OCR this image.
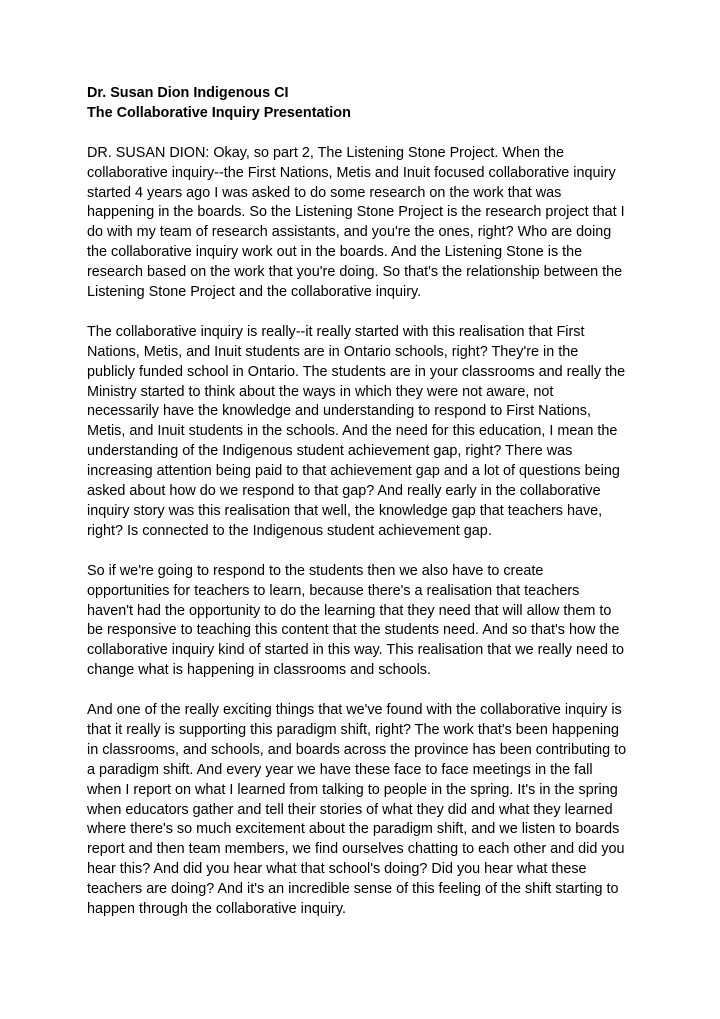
Dr. Susan Dion Indigenous CI
The Collaborative Inquiry Presentation
DR. SUSAN DION: Okay, so part 2, The Listening Stone Project. When the
collaborative inquiry--the First Nations, Metis and Inuit focused collaborative inquiry
started 4 years ago I was asked to do some research on the work that was
happening in the boards. So the Listening Stone Project is the research project that I
do with my team of research assistants, and you're the ones, right? Who are doing
the collaborative inquiry work out in the boards. And the Listening Stone is the
research based on the work that you're doing. So that's the relationship between the
Listening Stone Project and the collaborative inquiry.
The collaborative inquiry is really--it really started with this realisation that First
Nations, Metis, and Inuit students are in Ontario schools, right? They're in the
publicly funded school in Ontario. The students are in your classrooms and really the
Ministry started to think about the ways in which they were not aware, not
necessarily have the knowledge and understanding to respond to First Nations,
Metis, and Inuit students in the schools. And the need for this education, I mean the
understanding of the Indigenous student achievement gap, right? There was
increasing attention being paid to that achievement gap and a lot of questions being
asked about how do we respond to that gap? And really early in the collaborative
inquiry story was this realisation that well, the knowledge gap that teachers have,
right? Is connected to the Indigenous student achievement gap.
So if we're going to respond to the students then we also have to create
opportunities for teachers to learn, because there's a realisation that teachers
haven't had the opportunity to do the learning that they need that will allow them to
be responsive to teaching this content that the students need. And so that's how the
collaborative inquiry kind of started in this way. This realisation that we really need to
change what is happening in classrooms and schools.
And one of the really exciting things that we've found with the collaborative inquiry is
that it really is supporting this paradigm shift, right? The work that's been happening
in classrooms, and schools, and boards across the province has been contributing to
a paradigm shift. And every year we have these face to face meetings in the fall
when I report on what I learned from talking to people in the spring. It's in the spring
when educators gather and tell their stories of what they did and what they learned
where there's so much excitement about the paradigm shift, and we listen to boards
report and then team members, we find ourselves chatting to each other and did you
hear this? And did you hear what that school's doing? Did you hear what these
teachers are doing? And it's an incredible sense of this feeling of the shift starting to
happen through the collaborative inquiry.
